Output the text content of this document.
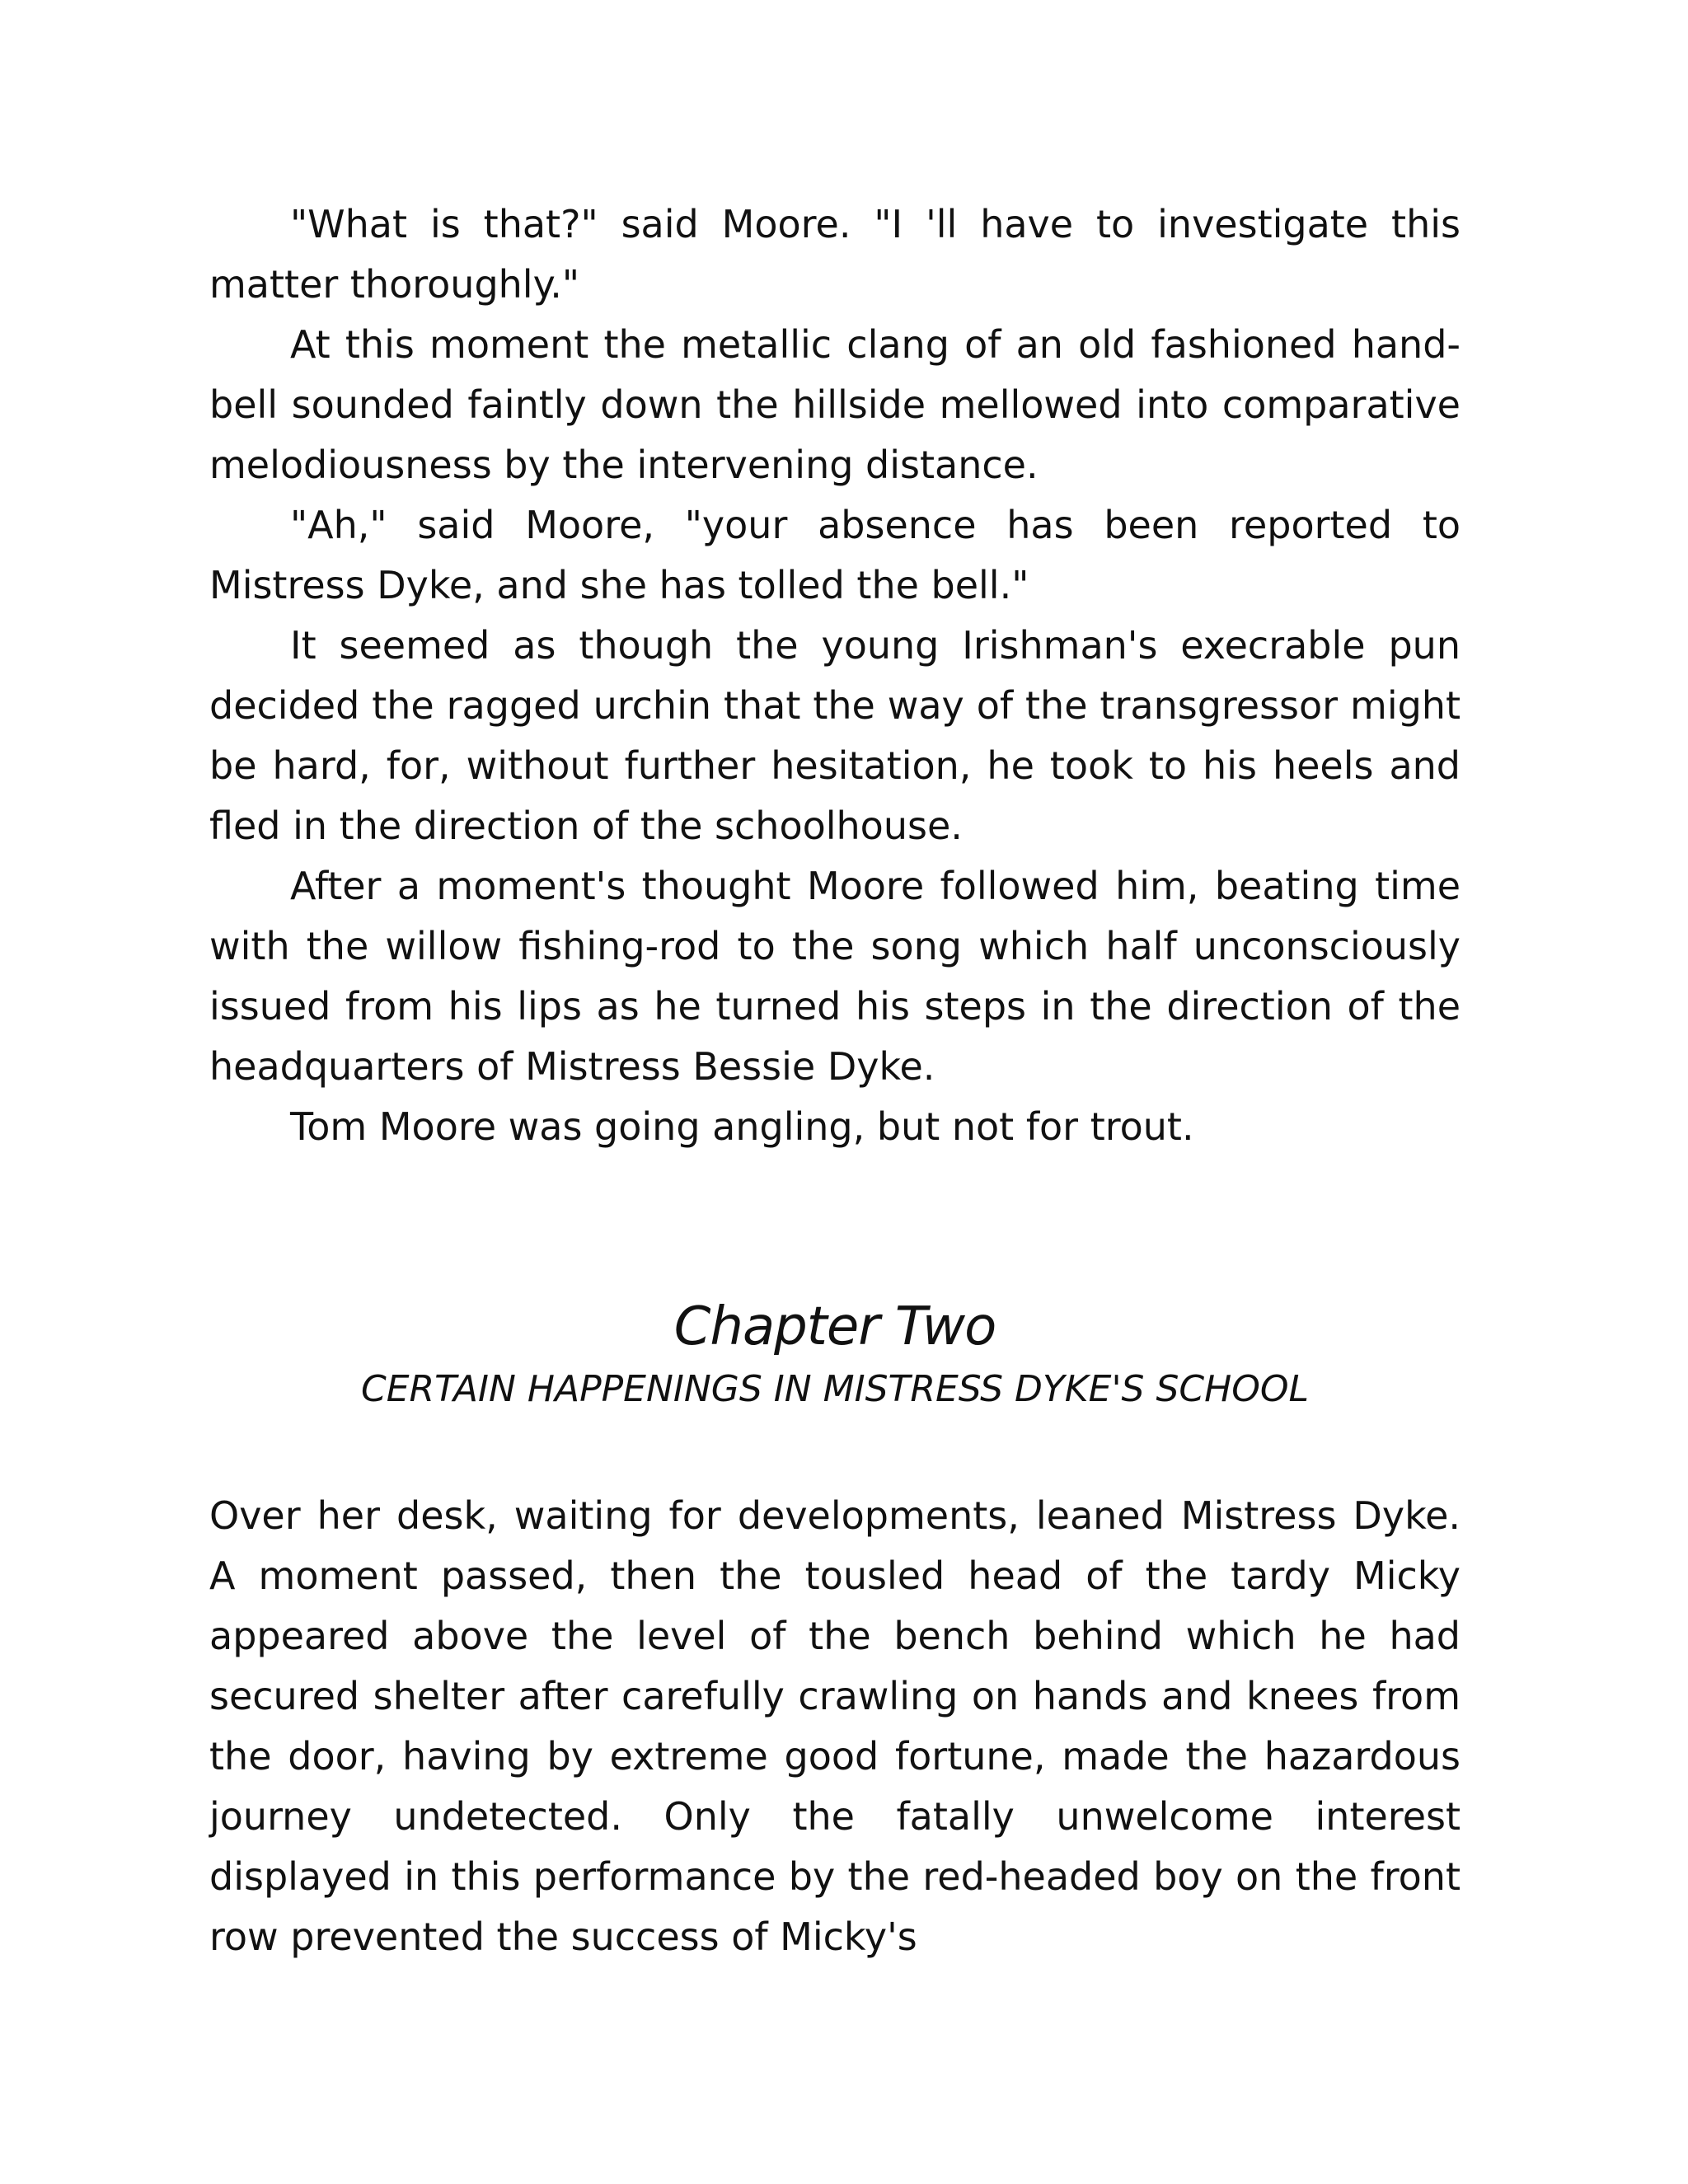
"What is that?" said Moore. "I 'll have to investigate this matter thoroughly."

At this moment the metallic clang of an old fashioned hand-bell sounded faintly down the hillside mellowed into comparative melodiousness by the intervening distance.

"Ah," said Moore, "your absence has been reported to Mistress Dyke, and she has tolled the bell."

It seemed as though the young Irishman's execrable pun decided the ragged urchin that the way of the transgressor might be hard, for, without further hesitation, he took to his heels and fled in the direction of the schoolhouse.

After a moment's thought Moore followed him, beating time with the willow fishing-rod to the song which half unconsciously issued from his lips as he turned his steps in the direction of the headquarters of Mistress Bessie Dyke.

Tom Moore was going angling, but not for trout.

Chapter Two
CERTAIN HAPPENINGS IN MISTRESS DYKE'S SCHOOL

Over her desk, waiting for developments, leaned Mistress Dyke. A moment passed, then the tousled head of the tardy Micky appeared above the level of the bench behind which he had secured shelter after carefully crawling on hands and knees from the door, having by extreme good fortune, made the hazardous journey undetected. Only the fatally unwelcome interest displayed in this performance by the red-headed boy on the front row prevented the success of Micky's
